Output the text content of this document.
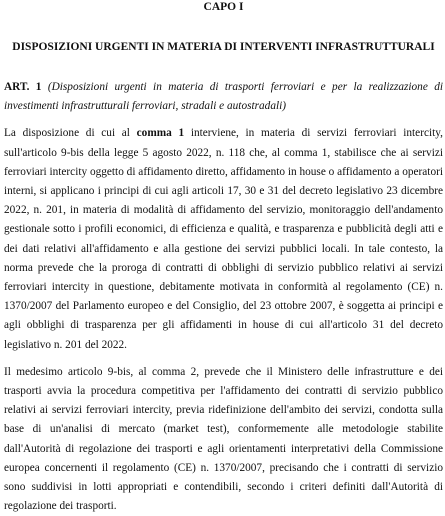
CAPO I
DISPOSIZIONI URGENTI IN MATERIA DI INTERVENTI INFRASTRUTTURALI
ART. 1 (Disposizioni urgenti in materia di trasporti ferroviari e per la realizzazione di investimenti infrastrutturali ferroviari, stradali e autostradali)

La disposizione di cui al comma 1 interviene, in materia di servizi ferroviari intercity, sull'articolo 9-bis della legge 5 agosto 2022, n. 118 che, al comma 1, stabilisce che ai servizi ferroviari intercity oggetto di affidamento diretto, affidamento in house o affidamento a operatori interni, si applicano i principi di cui agli articoli 17, 30 e 31 del decreto legislativo 23 dicembre 2022, n. 201, in materia di modalità di affidamento del servizio, monitoraggio dell'andamento gestionale sotto i profili economici, di efficienza e qualità, e trasparenza e pubblicità degli atti e dei dati relativi all'affidamento e alla gestione dei servizi pubblici locali. In tale contesto, la norma prevede che la proroga di contratti di obblighi di servizio pubblico relativi ai servizi ferroviari intercity in questione, debitamente motivata in conformità al regolamento (CE) n. 1370/2007 del Parlamento europeo e del Consiglio, del 23 ottobre 2007, è soggetta ai principi e agli obblighi di trasparenza per gli affidamenti in house di cui all'articolo 31 del decreto legislativo n. 201 del 2022.

Il medesimo articolo 9-bis, al comma 2, prevede che il Ministero delle infrastrutture e dei trasporti avvia la procedura competitiva per l'affidamento dei contratti di servizio pubblico relativi ai servizi ferroviari intercity, previa ridefinizione dell'ambito dei servizi, condotta sulla base di un'analisi di mercato (market test), conformemente alle metodologie stabilite dall'Autorità di regolazione dei trasporti e agli orientamenti interpretativi della Commissione europea concernenti il regolamento (CE) n. 1370/2007, precisando che i contratti di servizio sono suddivisi in lotti appropriati e contendibili, secondo i criteri definiti dall'Autorità di regolazione dei trasporti.
